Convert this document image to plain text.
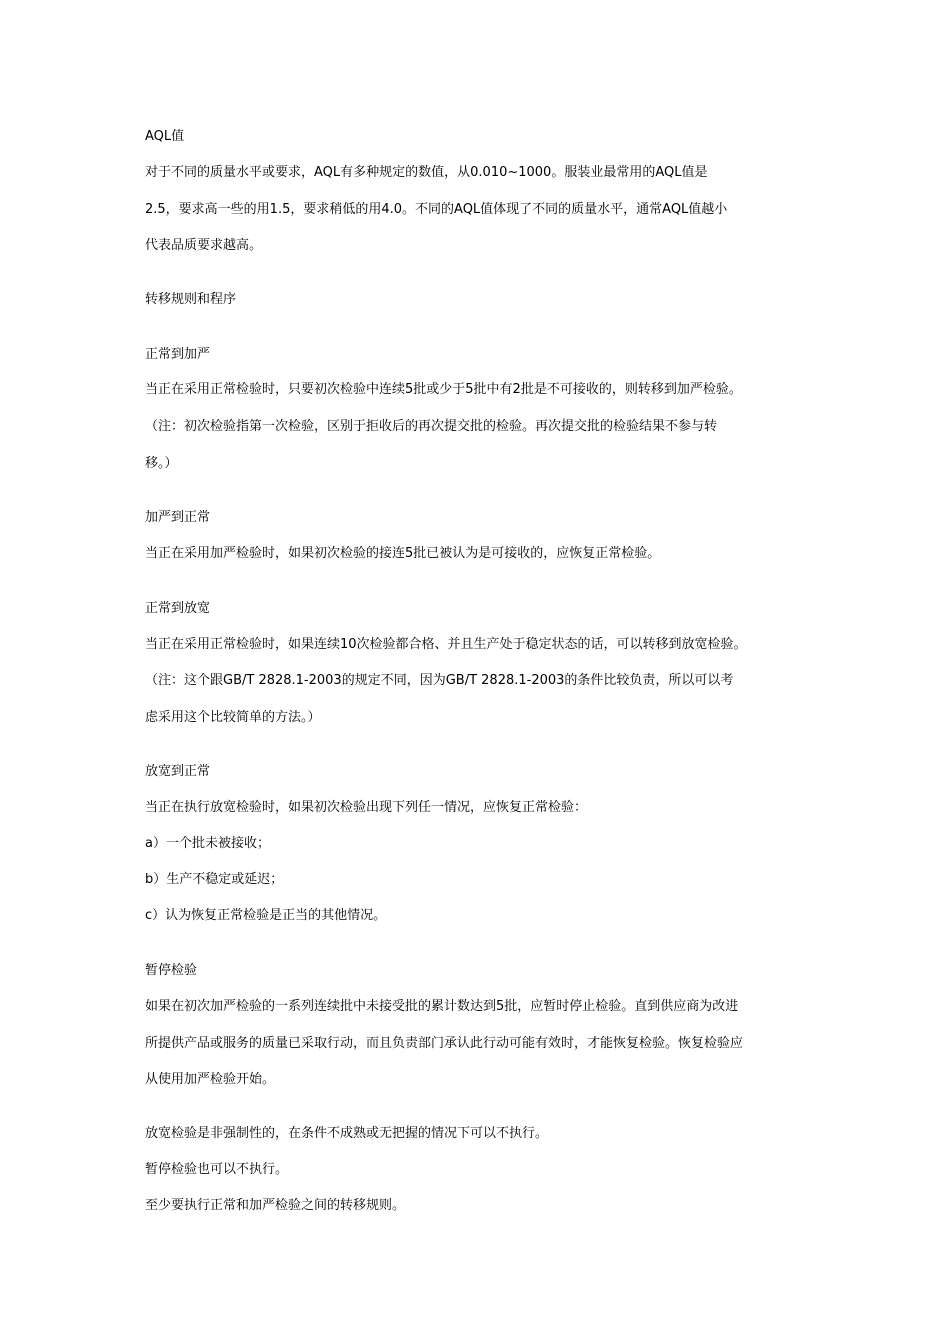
AQL值
对于不同的质量水平或要求，AQL有多种规定的数值，从0.010~1000。服装业最常用的AQL值是
2.5，要求高一些的用1.5，要求稍低的用4.0。不同的AQL值体现了不同的质量水平，通常AQL值越小
代表品质要求越高。
转移规则和程序
正常到加严
当正在采用正常检验时，只要初次检验中连续5批或少于5批中有2批是不可接收的，则转移到加严检验。
（注：初次检验指第一次检验，区别于拒收后的再次提交批的检验。再次提交批的检验结果不参与转
移。）
加严到正常
当正在采用加严检验时，如果初次检验的接连5批已被认为是可接收的，应恢复正常检验。
正常到放宽
当正在采用正常检验时，如果连续10次检验都合格、并且生产处于稳定状态的话，可以转移到放宽检验。
（注：这个跟GB/T 2828.1-2003的规定不同，因为GB/T 2828.1-2003的条件比较负责，所以可以考
虑采用这个比较简单的方法。）
放宽到正常
当正在执行放宽检验时，如果初次检验出现下列任一情况，应恢复正常检验：
a）一个批未被接收；
b）生产不稳定或延迟；
c）认为恢复正常检验是正当的其他情况。
暂停检验
如果在初次加严检验的一系列连续批中未接受批的累计数达到5批，应暂时停止检验。直到供应商为改进
所提供产品或服务的质量已采取行动，而且负责部门承认此行动可能有效时，才能恢复检验。恢复检验应
从使用加严检验开始。
放宽检验是非强制性的，在条件不成熟或无把握的情况下可以不执行。
暂停检验也可以不执行。
至少要执行正常和加严检验之间的转移规则。
